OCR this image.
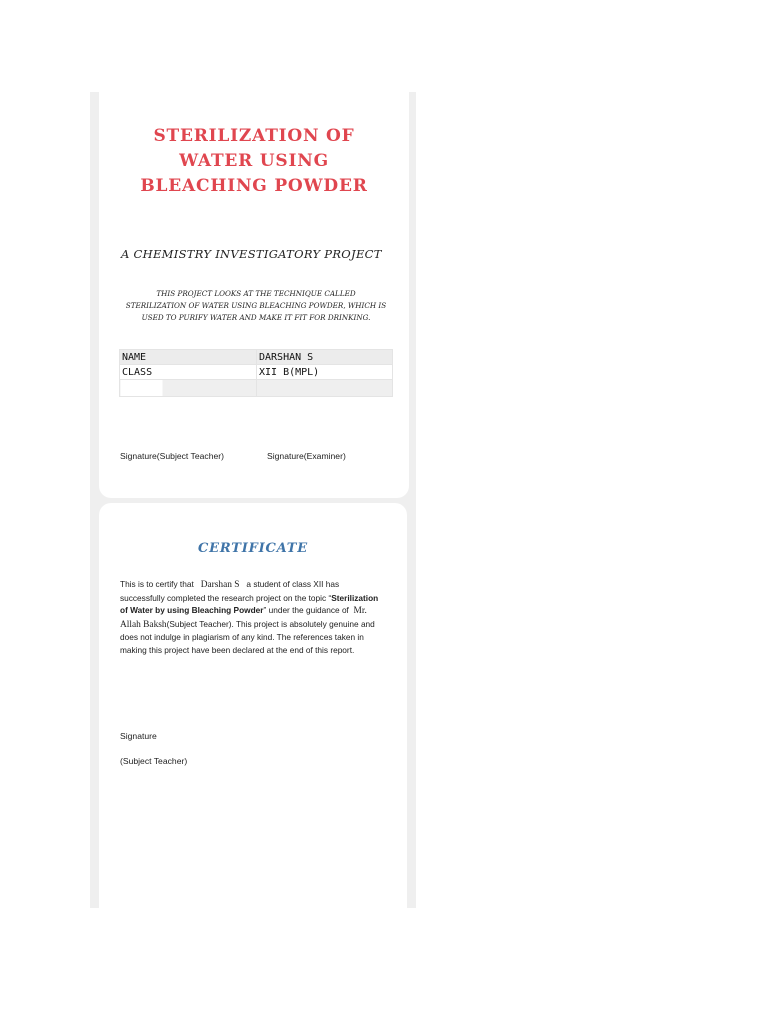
STERILIZATION OF
WATER USING
BLEACHING POWDER

A CHEMISTRY INVESTIGATORY PROJECT

THIS PROJECT LOOKS AT THE TECHNIQUE CALLED
STERILIZATION OF WATER USING BLEACHING POWDER, WHICH IS
USED TO PURIFY WATER AND MAKE IT FIT FOR DRINKING.

NAME	DARSHAN S
CLASS	XII B(MPL)

Signature(Subject Teacher)	Signature(Examiner)

CERTIFICATE

This is to certify that Darshan S a student of class XII has successfully completed the research project on the topic “Sterilization of Water by using Bleaching Powder” under the guidance of Mr. Allah Baksh(Subject Teacher). This project is absolutely genuine and does not indulge in plagiarism of any kind. The references taken in making this project have been declared at the end of this report.

Signature

(Subject Teacher)
